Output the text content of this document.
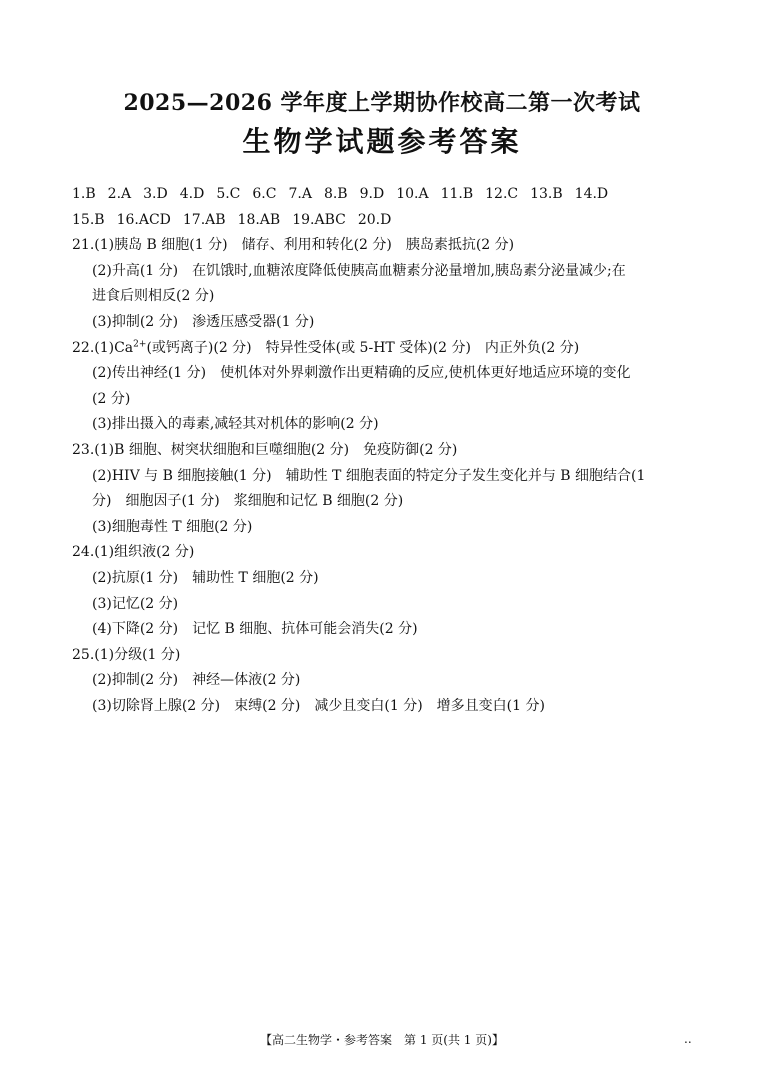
2025—2026 学年度上学期协作校高二第一次考试
生物学试题参考答案
1.B 2.A 3.D 4.D 5.C 6.C 7.A 8.B 9.D 10.A 11.B 12.C 13.B 14.D
15.B 16.ACD 17.AB 18.AB 19.ABC 20.D
21.(1)胰岛 B 细胞(1 分)　储存、利用和转化(2 分)　胰岛素抵抗(2 分)
(2)升高(1 分)　在饥饿时,血糖浓度降低使胰高血糖素分泌量增加,胰岛素分泌量减少;在
进食后则相反(2 分)
(3)抑制(2 分)　渗透压感受器(1 分)
$22.(1)Ca^{2+}$(或钙离子)(2 分)　特异性受体(或 5-HT 受体)(2 分)　内正外负(2 分)
(2)传出神经(1 分)　使机体对外界刺激作出更精确的反应,使机体更好地适应环境的变化
(2 分)
(3)排出摄入的毒素,减轻其对机体的影响(2 分)
23.(1)B 细胞、树突状细胞和巨噬细胞(2 分)　免疫防御(2 分)
(2)HIV 与 B 细胞接触(1 分)　辅助性 T 细胞表面的特定分子发生变化并与 B 细胞结合(1
分)　细胞因子(1 分)　浆细胞和记忆 B 细胞(2 分)
(3)细胞毒性 T 细胞(2 分)
24.(1)组织液(2 分)
(2)抗原(1 分)　辅助性 T 细胞(2 分)
(3)记忆(2 分)
(4)下降(2 分)　记忆 B 细胞、抗体可能会消失(2 分)
25.(1)分级(1 分)
(2)抑制(2 分)　神经—体液(2 分)
(3)切除肾上腺(2 分)　束缚(2 分)　减少且变白(1 分)　增多且变白(1 分)
【高二生物学・参考答案　第 1 页(共 1 页)】	..
